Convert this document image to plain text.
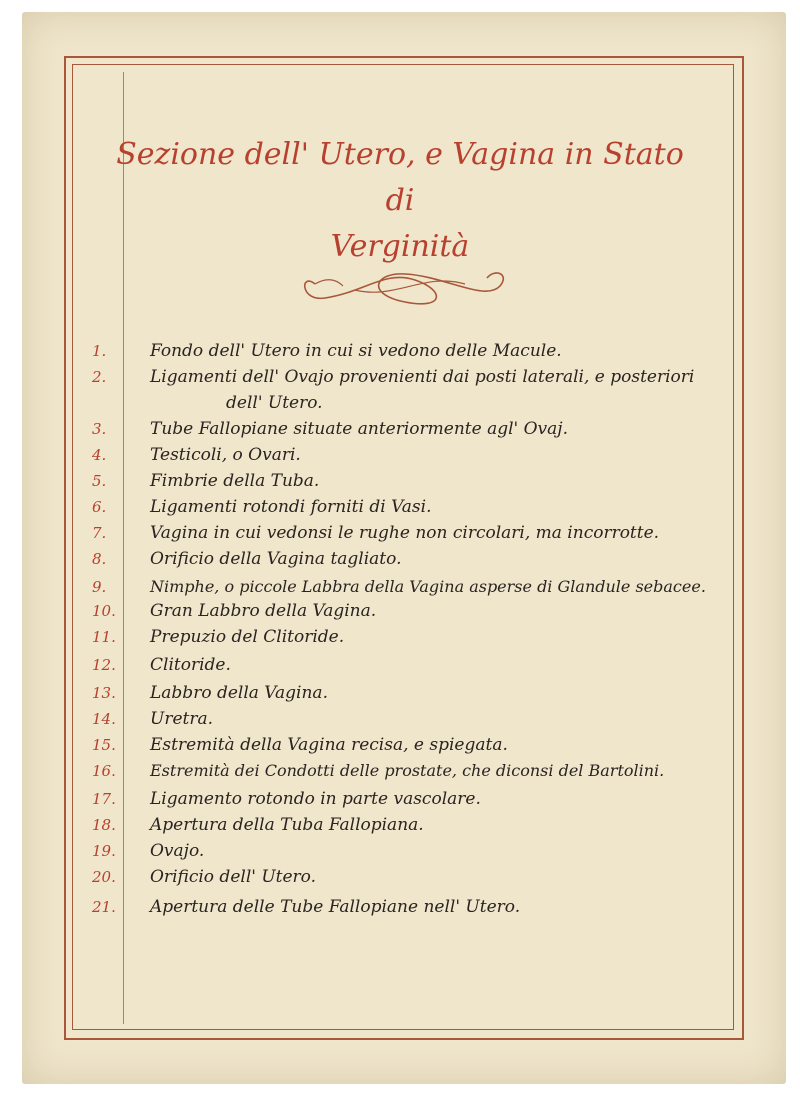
Sezione dell' Utero, e Vagina in Stato di
Verginità
1.	Fondo dell' Utero in cui si vedono delle Macule.
2.	Ligamenti dell' Ovajo provenienti dai posti laterali, e posteriori
dell' Utero.
3.	Tube Fallopiane situate anteriormente agl' Ovaj.
4.	Testicoli, o Ovari.
5.	Fimbrie della Tuba.
6.	Ligamenti rotondi forniti di Vasi.
7.	Vagina in cui vedonsi le rughe non circolari, ma incorrotte.
8.	Orificio della Vagina tagliato.
9.	Nimphe, o piccole Labbra della Vagina asperse di Glandule sebacee.
10.	Gran Labbro della Vagina.
11.	Prepuzio del Clitoride.
12.	Clitoride.
13.	Labbro della Vagina.
14.	Uretra.
15.	Estremità della Vagina recisa, e spiegata.
16.	Estremità dei Condotti delle prostate, che diconsi del Bartolini.
17.	Ligamento rotondo in parte vascolare.
18.	Apertura della Tuba Fallopiana.
19.	Ovajo.
20.	Orificio dell' Utero.
21.	Apertura delle Tube Fallopiane nell' Utero.
